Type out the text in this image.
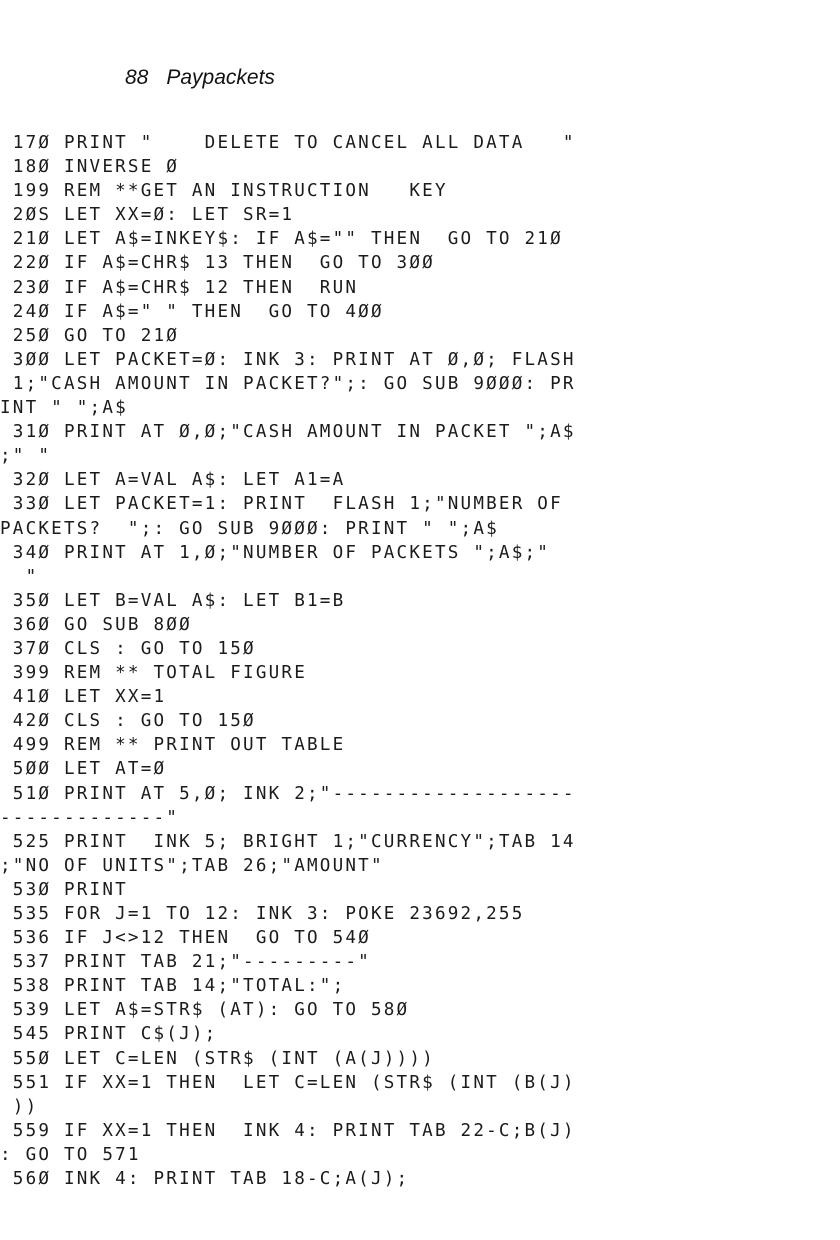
88 Paypackets
17Ø PRINT "    DELETE TO CANCEL ALL DATA   "
18Ø INVERSE Ø
199 REM **GET AN INSTRUCTION   KEY
2ØS LET XX=Ø: LET SR=1
21Ø LET A$=INKEY$: IF A$="" THEN  GO TO 21Ø
22Ø IF A$=CHR$ 13 THEN  GO TO 3ØØ
23Ø IF A$=CHR$ 12 THEN  RUN
24Ø IF A$=" " THEN  GO TO 4ØØ
25Ø GO TO 21Ø
3ØØ LET PACKET=Ø: INK 3: PRINT AT Ø,Ø; FLASH
1;"CASH AMOUNT IN PACKET?";: GO SUB 9ØØØ: PR
INT " ";A$
31Ø PRINT AT Ø,Ø;"CASH AMOUNT IN PACKET ";A$
;" "
32Ø LET A=VAL A$: LET A1=A
33Ø LET PACKET=1: PRINT  FLASH 1;"NUMBER OF
PACKETS?  ";: GO SUB 9ØØØ: PRINT " ";A$
34Ø PRINT AT 1,Ø;"NUMBER OF PACKETS ";A$;"
"
35Ø LET B=VAL A$: LET B1=B
36Ø GO SUB 8ØØ
37Ø CLS : GO TO 15Ø
399 REM ** TOTAL FIGURE
41Ø LET XX=1
42Ø CLS : GO TO 15Ø
499 REM ** PRINT OUT TABLE
5ØØ LET AT=Ø
51Ø PRINT AT 5,Ø; INK 2;"-------------------
-------------"
525 PRINT  INK 5; BRIGHT 1;"CURRENCY";TAB 14
;"NO OF UNITS";TAB 26;"AMOUNT"
53Ø PRINT
535 FOR J=1 TO 12: INK 3: POKE 23692,255
536 IF J<>12 THEN  GO TO 54Ø
537 PRINT TAB 21;"---------"
538 PRINT TAB 14;"TOTAL:";
539 LET A$=STR$ (AT): GO TO 58Ø
545 PRINT C$(J);
55Ø LET C=LEN (STR$ (INT (A(J))))
551 IF XX=1 THEN  LET C=LEN (STR$ (INT (B(J)
))
559 IF XX=1 THEN  INK 4: PRINT TAB 22-C;B(J)
: GO TO 571
56Ø INK 4: PRINT TAB 18-C;A(J);
